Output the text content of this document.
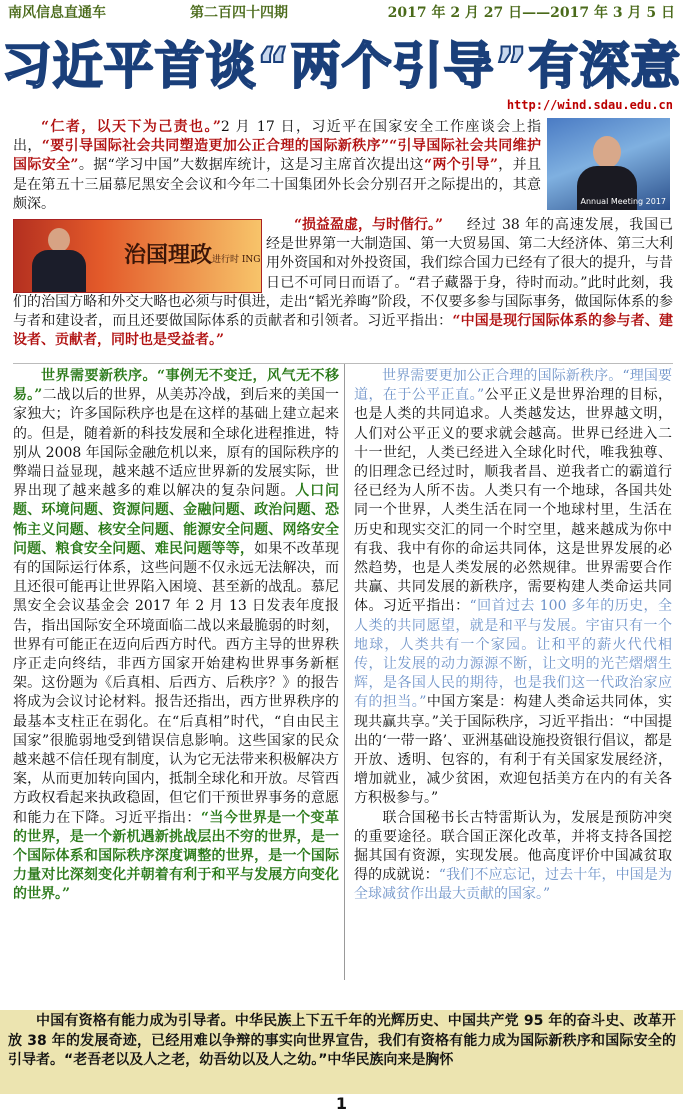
南风信息直通车	第二百四十四期	2017 年 2 月 27 日——2017 年 3 月 5 日
习近平首谈“两个引导”有深意
http://wind.sdau.edu.cn
Annual Meeting 2017
“仁者，以天下为己责也。”2 月 17 日，习近平在国家安全工作座谈会上指出，“要引导国际社会共同塑造更加公正合理的国际新秩序”“引导国际社会共同维护国际安全”。据“学习中国”大数据库统计，这是习主席首次提出这“两个引导”，并且是在第五十三届慕尼黑安全会议和今年二十国集团外长会分别召开之际提出的，其意颇深。
治国理政进行时 ING
“损益盈虚，与时偕行。”	经过 38 年的高速发展，我国已经是世界第一大制造国、第一大贸易国、第二大经济体、第三大利用外资国和对外投资国，我们综合国力已经有了很大的提升，与昔日已不可同日而语了。“君子藏器于身，待时而动。”此时此刻，我们的治国方略和外交大略也必须与时俱进，走出“韬光养晦”阶段，不仅要多参与国际事务，做国际体系的参与者和建设者，而且还要做国际体系的贡献者和引领者。习近平指出：“中国是现行国际体系的参与者、建设者、贡献者，同时也是受益者。”
世界需要新秩序。“事例无不变迁，风气无不移易。”二战以后的世界，从美苏冷战，到后来的美国一家独大；许多国际秩序也是在这样的基础上建立起来的。但是，随着新的科技发展和全球化进程推进，特别从 2008 年国际金融危机以来，原有的国际秩序的弊端日益显现，越来越不适应世界新的发展实际，世界出现了越来越多的难以解决的复杂问题。人口问题、环境问题、资源问题、金融问题、政治问题、恐怖主义问题、核安全问题、能源安全问题、网络安全问题、粮食安全问题、难民问题等等，如果不改革现有的国际运行体系，这些问题不仅永远无法解决，而且还很可能再让世界陷入困境、甚至新的战乱。慕尼黑安全会议基金会 2017 年 2 月 13 日发表年度报告，指出国际安全环境面临二战以来最脆弱的时刻，世界有可能正在迈向后西方时代。西方主导的世界秩序正走向终结，非西方国家开始建构世界事务新框架。这份题为《后真相、后西方、后秩序？》的报告将成为会议讨论材料。报告还指出，西方世界秩序的最基本支柱正在弱化。在“后真相”时代，“自由民主国家”很脆弱地受到错误信息影响。这些国家的民众越来越不信任现有制度，认为它无法带来积极解决方案，从而更加转向国内，抵制全球化和开放。尽管西方政权看起来执政稳固，但它们干预世界事务的意愿和能力在下降。习近平指出：“当今世界是一个变革的世界，是一个新机遇新挑战层出不穷的世界，是一个国际体系和国际秩序深度调整的世界，是一个国际力量对比深刻变化并朝着有利于和平与发展方向变化的世界。”
世界需要更加公正合理的国际新秩序。“理国要道，在于公平正直。”公平正义是世界治理的目标，也是人类的共同追求。人类越发达，世界越文明，人们对公平正义的要求就会越高。世界已经进入二十一世纪，人类已经进入全球化时代，唯我独尊、的旧理念已经过时，顺我者昌、逆我者亡的霸道行径已经为人所不齿。人类只有一个地球，各国共处同一个世界，人类生活在同一个地球村里，生活在历史和现实交汇的同一个时空里，越来越成为你中有我、我中有你的命运共同体，这是世界发展的必然趋势，也是人类发展的必然规律。世界需要合作共赢、共同发展的新秩序，需要构建人类命运共同体。习近平指出：“回首过去 100 多年的历史，全人类的共同愿望，就是和平与发展。宇宙只有一个地球，人类共有一个家园。让和平的薪火代代相传，让发展的动力源源不断，让文明的光芒熠熠生辉，是各国人民的期待，也是我们这一代政治家应有的担当。”中国方案是：构建人类命运共同体，实现共赢共享。”关于国际秩序，习近平指出：“中国提出的‘一带一路’、亚洲基础设施投资银行倡议，都是开放、透明、包容的，有利于有关国家发展经济，增加就业，减少贫困，欢迎包括美方在内的有关各方积极参与。”
联合国秘书长古特雷斯认为，发展是预防冲突的重要途径。联合国正深化改革，并将支持各国挖掘其国有资源，实现发展。他高度评价中国减贫取得的成就说：“我们不应忘记，过去十年，中国是为全球减贫作出最大贡献的国家。”
中国有资格有能力成为引导者。中华民族上下五千年的光辉历史、中国共产党 95 年的奋斗史、改革开放 38 年的发展奇迹，已经用难以争辩的事实向世界宣告，我们有资格有能力成为国际新秩序和国际安全的引导者。“老吾老以及人之老，幼吾幼以及人之幼。”中华民族向来是胸怀
1
